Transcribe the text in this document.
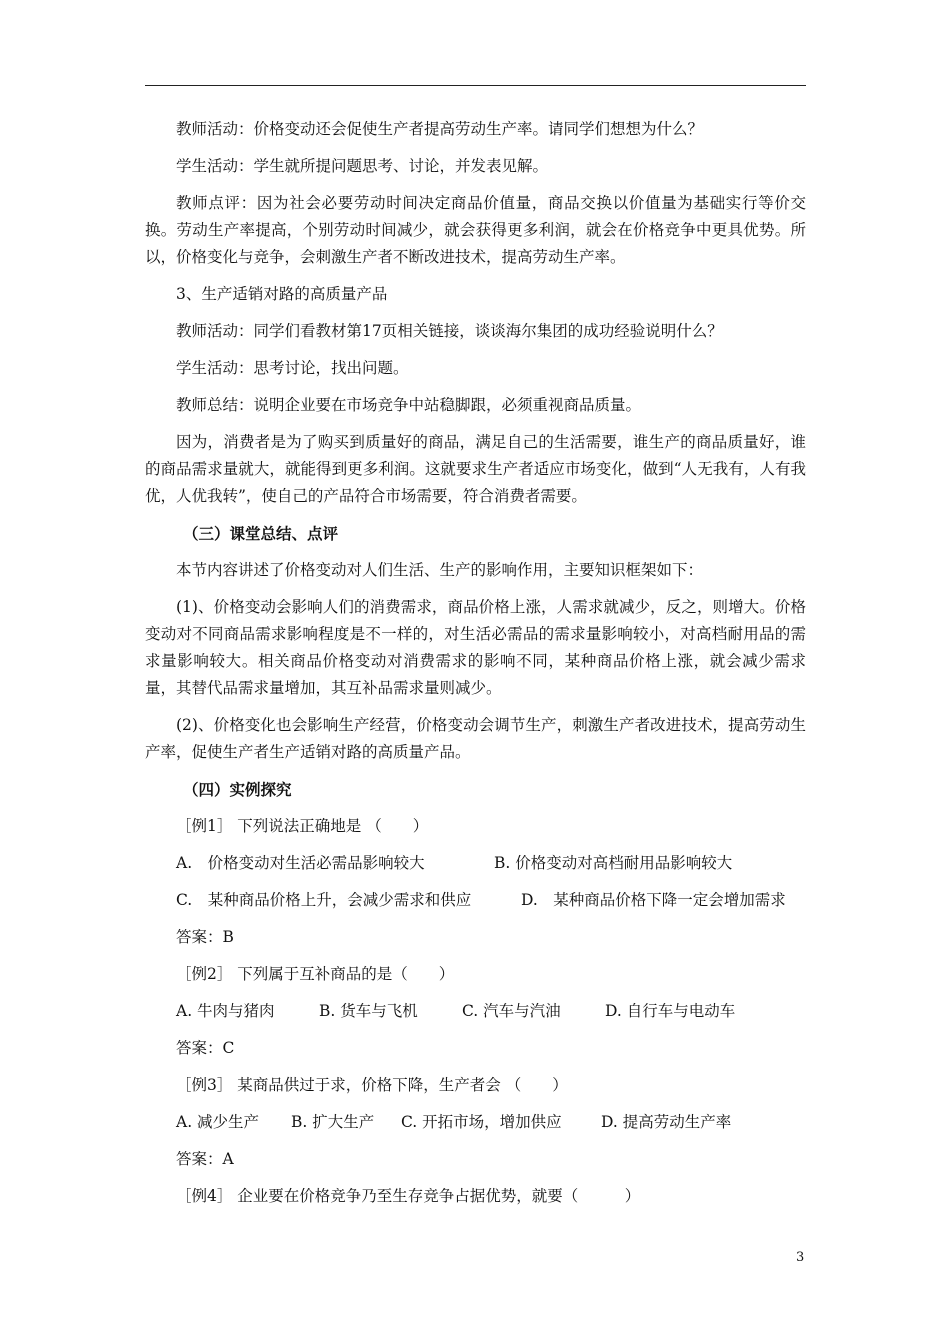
教师活动：价格变动还会促使生产者提高劳动生产率。请同学们想想为什么？

学生活动：学生就所提问题思考、讨论，并发表见解。

教师点评：因为社会必要劳动时间决定商品价值量，商品交换以价值量为基础实行等价交换。劳动生产率提高，个别劳动时间减少，就会获得更多利润，就会在价格竞争中更具优势。所以，价格变化与竞争，会刺激生产者不断改进技术，提高劳动生产率。

3、生产适销对路的高质量产品

教师活动：同学们看教材第17页相关链接，谈谈海尔集团的成功经验说明什么？

学生活动：思考讨论，找出问题。

教师总结：说明企业要在市场竞争中站稳脚跟，必须重视商品质量。

因为，消费者是为了购买到质量好的商品，满足自己的生活需要，谁生产的商品质量好，谁的商品需求量就大，就能得到更多利润。这就要求生产者适应市场变化，做到“人无我有，人有我优，人优我转”，使自己的产品符合市场需要，符合消费者需要。

（三）课堂总结、点评

本节内容讲述了价格变动对人们生活、生产的影响作用，主要知识框架如下：

(1)、价格变动会影响人们的消费需求，商品价格上涨，人需求就减少，反之，则增大。价格变动对不同商品需求影响程度是不一样的，对生活必需品的需求量影响较小，对高档耐用品的需求量影响较大。相关商品价格变动对消费需求的影响不同，某种商品价格上涨，就会减少需求量，其替代品需求量增加，其互补品需求量则减少。

(2)、价格变化也会影响生产经营，价格变动会调节生产，刺激生产者改进技术，提高劳动生产率，促使生产者生产适销对路的高质量产品。

（四）实例探究

［例1］ 下列说法正确地是 （　　）

A.　价格变动对生活必需品影响较大	B. 价格变动对高档耐用品影响较大
C.　某种商品价格上升，会减少需求和供应	D.　某种商品价格下降一定会增加需求

答案：B

［例2］ 下列属于互补商品的是（　　）

A. 牛肉与猪肉	B. 货车与飞机	C. 汽车与汽油	D. 自行车与电动车

答案：C

［例3］ 某商品供过于求，价格下降，生产者会 （　　）

A. 减少生产	B. 扩大生产	C. 开拓市场，增加供应	D. 提高劳动生产率

答案：A

［例4］ 企业要在价格竞争乃至生存竞争占据优势，就要（　　　）

3
